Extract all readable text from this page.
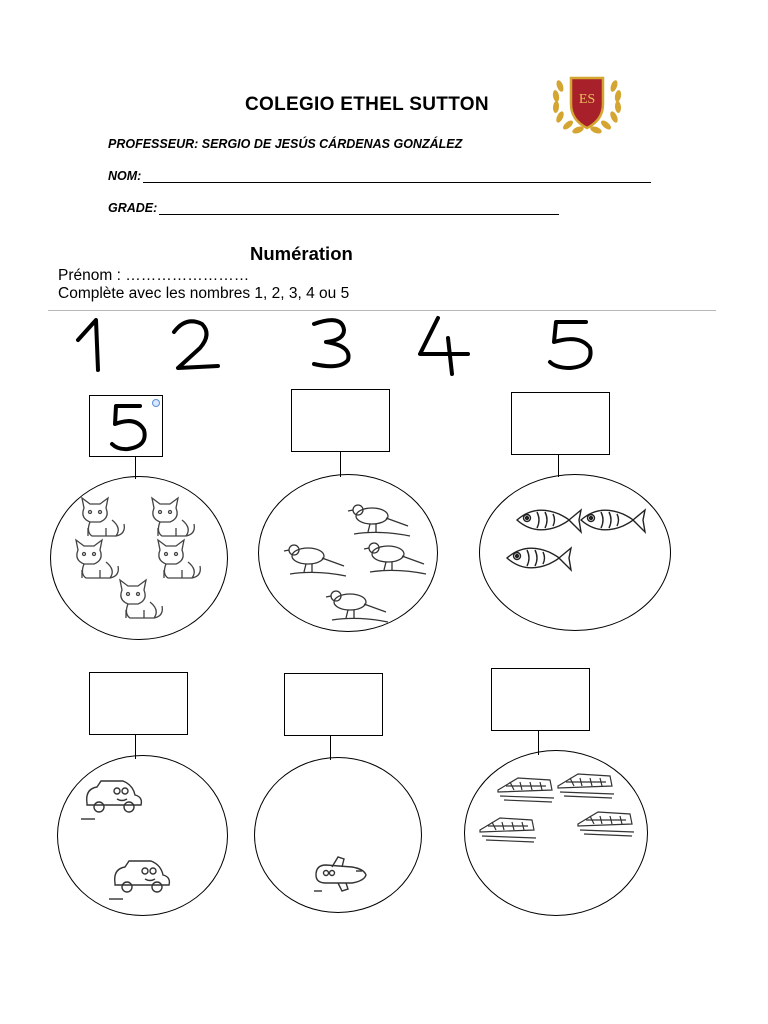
COLEGIO ETHEL SUTTON	ES
PROFESSEUR: SERGIO DE JESÚS CÁRDENAS GONZÁLEZ
NOM:
GRADE:
Numération
Prénom : ……………………
Complète avec les nombres 1, 2, 3, 4 ou 5
